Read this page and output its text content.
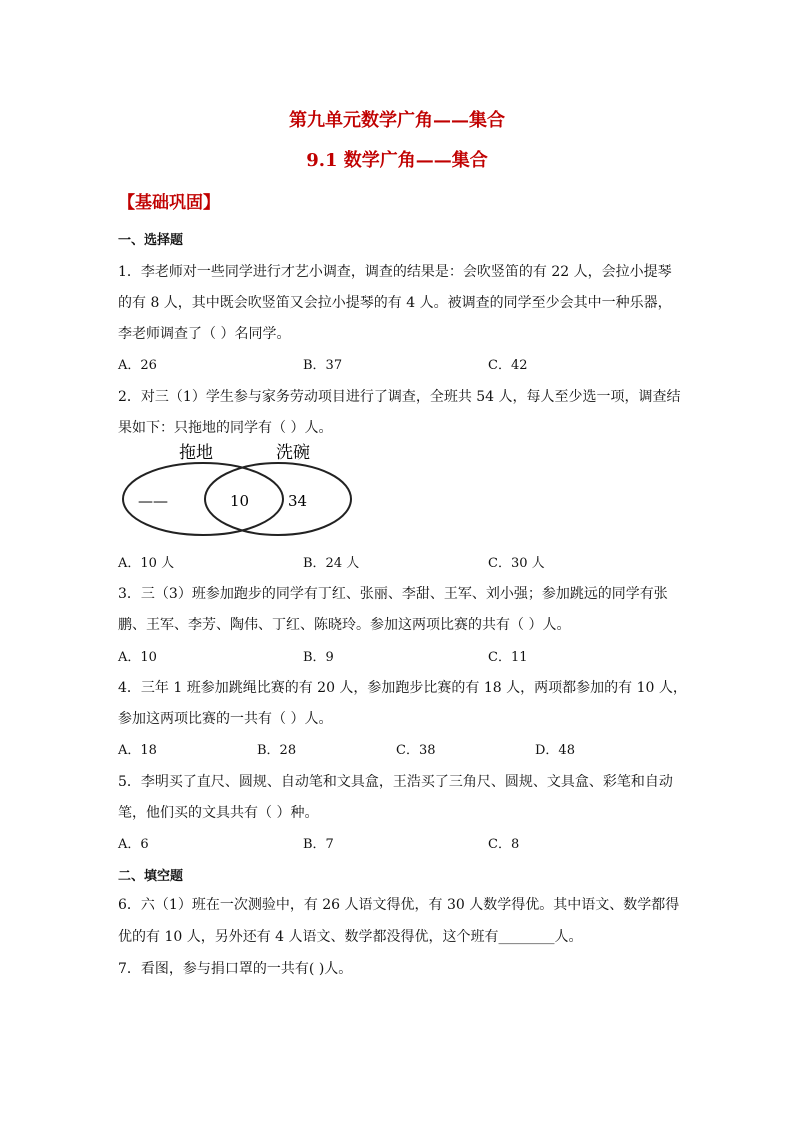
第九单元数学广角——集合
9.1 数学广角——集合
【基础巩固】
一、选择题
1．李老师对一些同学进行才艺小调查，调查的结果是：会吹竖笛的有 22 人，会拉小提琴
的有 8 人，其中既会吹竖笛又会拉小提琴的有 4 人。被调查的同学至少会其中一种乐器，
李老师调查了（ ）名同学。
A．26	B．37	C．42
2．对三（1）学生参与家务劳动项目进行了调查，全班共 54 人，每人至少选一项，调查结
果如下：只拖地的同学有（ ）人。
拖地	洗碗
——	10	34
A．10 人	B．24 人	C．30 人
3．三（3）班参加跑步的同学有丁红、张丽、李甜、王军、刘小强；参加跳远的同学有张
鹏、王军、李芳、陶伟、丁红、陈晓玲。参加这两项比赛的共有（ ）人。
A．10	B．9	C．11
4．三年 1 班参加跳绳比赛的有 20 人，参加跑步比赛的有 18 人，两项都参加的有 10 人，
参加这两项比赛的一共有（ ）人。
A．18	B．28	C．38	D．48
5．李明买了直尺、圆规、自动笔和文具盒，王浩买了三角尺、圆规、文具盒、彩笔和自动
笔，他们买的文具共有（ ）种。
A．6	B．7	C．8
二、填空题
6．六（1）班在一次测验中，有 26 人语文得优，有 30 人数学得优。其中语文、数学都得
优的有 10 人，另外还有 4 人语文、数学都没得优，这个班有________人。
7．看图，参与捐口罩的一共有( )人。
